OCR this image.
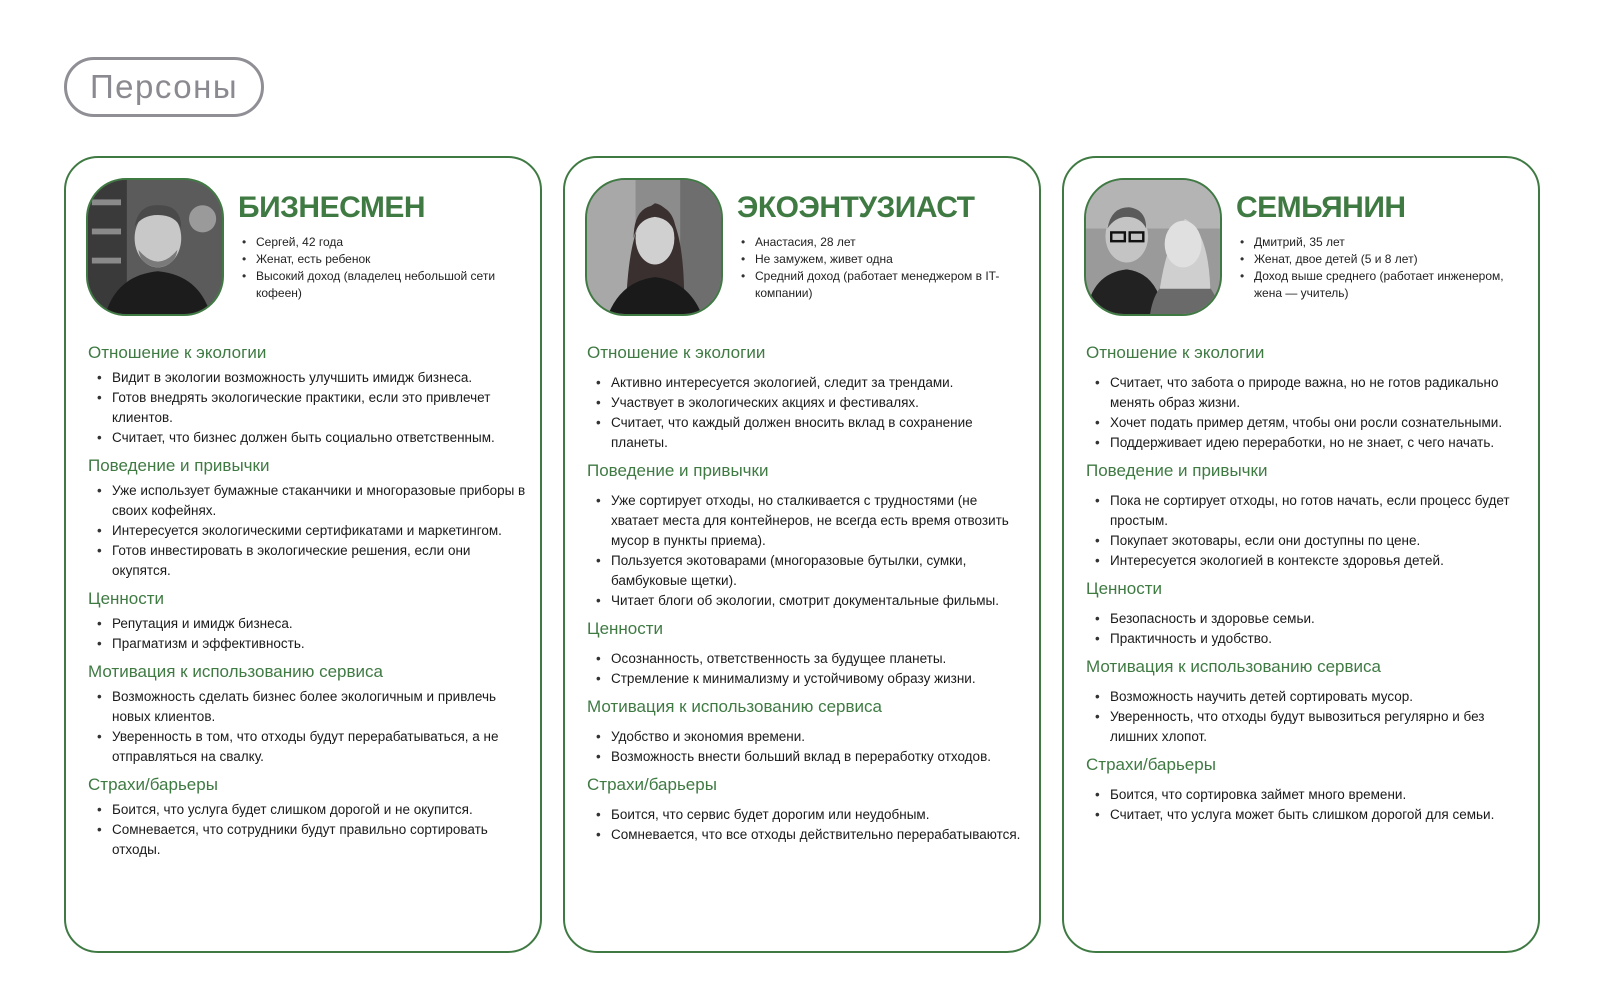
Персоны
БИЗНЕСМЕН
• Сергей, 42 года
• Женат, есть ребенок
• Высокий доход (владелец небольшой сети кофеен)
Отношение к экологии
• Видит в экологии возможность улучшить имидж бизнеса.
• Готов внедрять экологические практики, если это привлечет клиентов.
• Считает, что бизнес должен быть социально ответственным.
Поведение и привычки
• Уже использует бумажные стаканчики и многоразовые приборы в своих кофейнях.
• Интересуется экологическими сертификатами и маркетингом.
• Готов инвестировать в экологические решения, если они окупятся.
Ценности
• Репутация и имидж бизнеса.
• Прагматизм и эффективность.
Мотивация к использованию сервиса
• Возможность сделать бизнес более экологичным и привлечь новых клиентов.
• Уверенность в том, что отходы будут перерабатываться, а не отправляться на свалку.
Страхи/барьеры
• Боится, что услуга будет слишком дорогой и не окупится.
• Сомневается, что сотрудники будут правильно сортировать отходы.
ЭКОЭНТУЗИАСТ
• Анастасия, 28 лет
• Не замужем, живет одна
• Средний доход (работает менеджером в IT-компании)
Отношение к экологии
• Активно интересуется экологией, следит за трендами.
• Участвует в экологических акциях и фестивалях.
• Считает, что каждый должен вносить вклад в сохранение планеты.
Поведение и привычки
• Уже сортирует отходы, но сталкивается с трудностями (не хватает места для контейнеров, не всегда есть время отвозить мусор в пункты приема).
• Пользуется экотоварами (многоразовые бутылки, сумки, бамбуковые щетки).
• Читает блоги об экологии, смотрит документальные фильмы.
Ценности
• Осознанность, ответственность за будущее планеты.
• Стремление к минимализму и устойчивому образу жизни.
Мотивация к использованию сервиса
• Удобство и экономия времени.
• Возможность внести больший вклад в переработку отходов.
Страхи/барьеры
• Боится, что сервис будет дорогим или неудобным.
• Сомневается, что все отходы действительно перерабатываются.
СЕМЬЯНИН
• Дмитрий, 35 лет
• Женат, двое детей (5 и 8 лет)
• Доход выше среднего (работает инженером, жена — учитель)
Отношение к экологии
• Считает, что забота о природе важна, но не готов радикально менять образ жизни.
• Хочет подать пример детям, чтобы они росли сознательными.
• Поддерживает идею переработки, но не знает, с чего начать.
Поведение и привычки
• Пока не сортирует отходы, но готов начать, если процесс будет простым.
• Покупает экотовары, если они доступны по цене.
• Интересуется экологией в контексте здоровья детей.
Ценности
• Безопасность и здоровье семьи.
• Практичность и удобство.
Мотивация к использованию сервиса
• Возможность научить детей сортировать мусор.
• Уверенность, что отходы будут вывозиться регулярно и без лишних хлопот.
Страхи/барьеры
• Боится, что сортировка займет много времени.
• Считает, что услуга может быть слишком дорогой для семьи.
